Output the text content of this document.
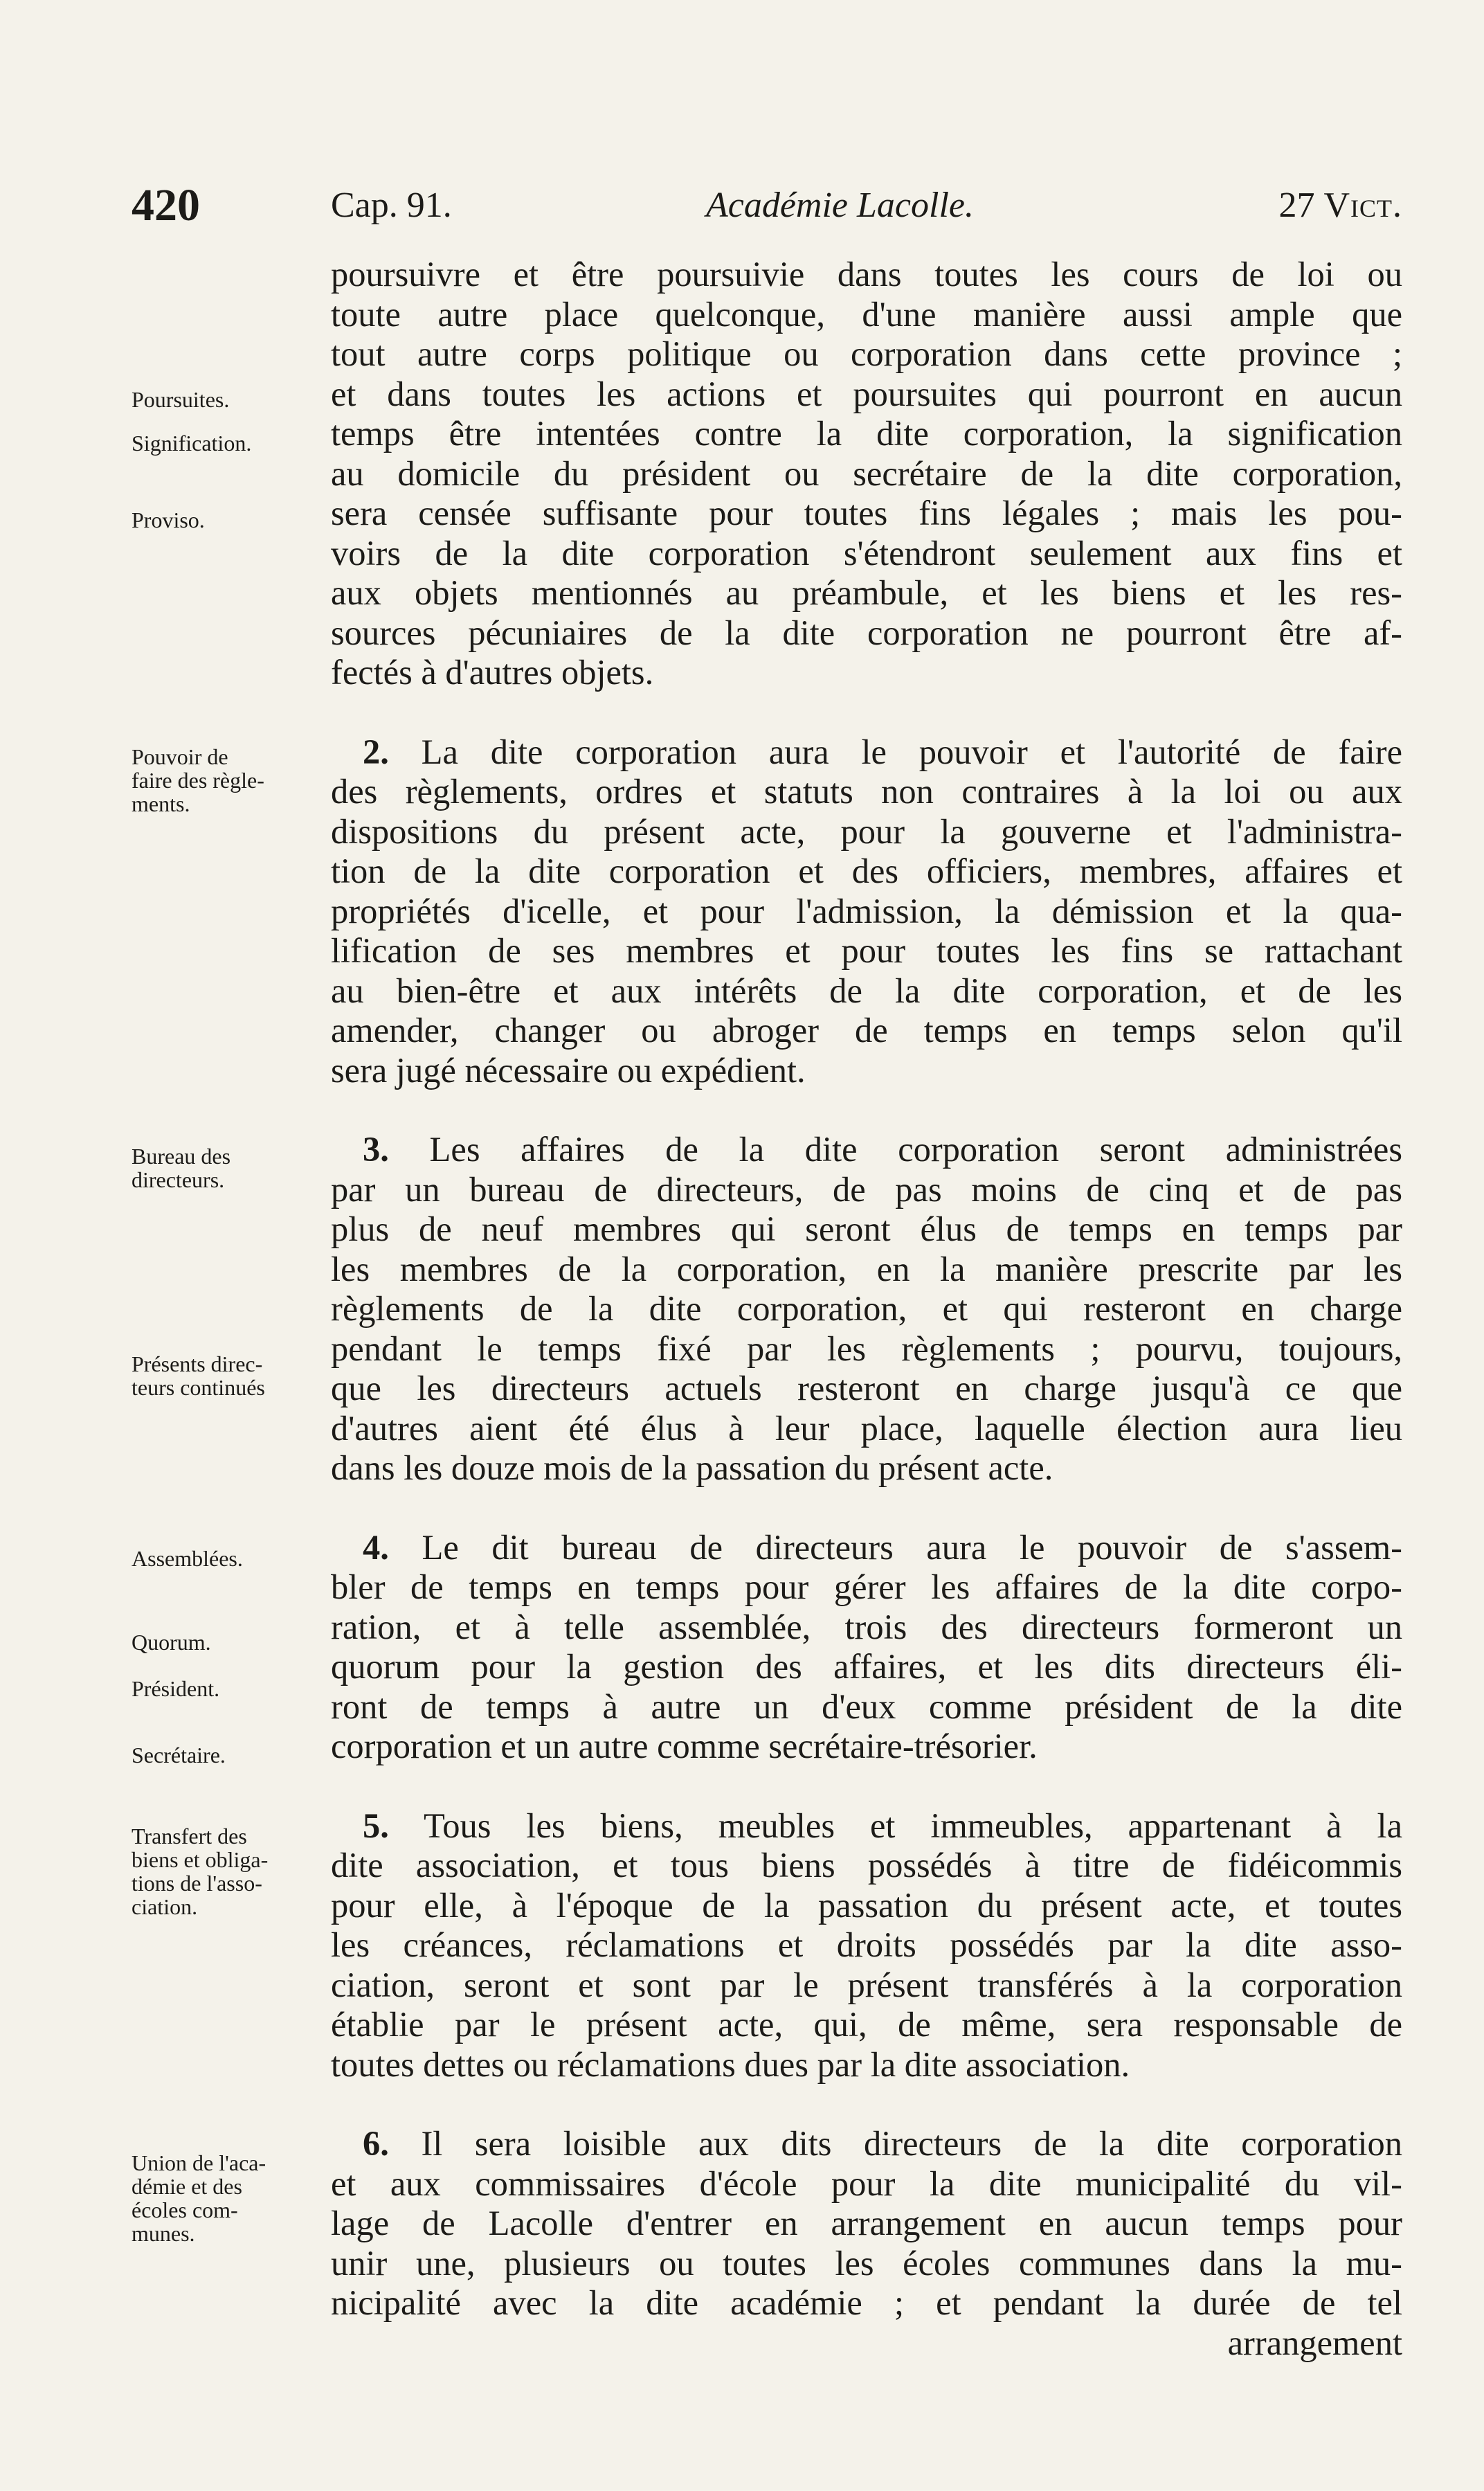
420	Cap. 91.	Académie Lacolle.	27 Vict.
Poursuites.
Signification.
Proviso.
Pouvoir de
faire des règle-
ments.
Bureau des
directeurs.
Présents direc-
teurs continués
Assemblées.
Quorum.
Président.
Secrétaire.
Transfert des
biens et obliga-
tions de l'asso-
ciation.
Union de l'aca-
démie et des
écoles com-
munes.
poursuivre et être poursuivie dans toutes les cours de loi ou
toute autre place quelconque, d'une manière aussi ample que
tout autre corps politique ou corporation dans cette province ;
et dans toutes les actions et poursuites qui pourront en aucun
temps être intentées contre la dite corporation, la signification
au domicile du président ou secrétaire de la dite corporation,
sera censée suffisante pour toutes fins légales ; mais les pou-
voirs de la dite corporation s'étendront seulement aux fins et
aux objets mentionnés au préambule, et les biens et les res-
sources pécuniaires de la dite corporation ne pourront être af-
fectés à d'autres objets.
2. La dite corporation aura le pouvoir et l'autorité de faire
des règlements, ordres et statuts non contraires à la loi ou aux
dispositions du présent acte, pour la gouverne et l'administra-
tion de la dite corporation et des officiers, membres, affaires et
propriétés d'icelle, et pour l'admission, la démission et la qua-
lification de ses membres et pour toutes les fins se rattachant
au bien-être et aux intérêts de la dite corporation, et de les
amender, changer ou abroger de temps en temps selon qu'il
sera jugé nécessaire ou expédient.
3. Les affaires de la dite corporation seront administrées
par un bureau de directeurs, de pas moins de cinq et de pas
plus de neuf membres qui seront élus de temps en temps par
les membres de la corporation, en la manière prescrite par les
règlements de la dite corporation, et qui resteront en charge
pendant le temps fixé par les règlements ; pourvu, toujours,
que les directeurs actuels resteront en charge jusqu'à ce que
d'autres aient été élus à leur place, laquelle élection aura lieu
dans les douze mois de la passation du présent acte.
4. Le dit bureau de directeurs aura le pouvoir de s'assem-
bler de temps en temps pour gérer les affaires de la dite corpo-
ration, et à telle assemblée, trois des directeurs formeront un
quorum pour la gestion des affaires, et les dits directeurs éli-
ront de temps à autre un d'eux comme président de la dite
corporation et un autre comme secrétaire-trésorier.
5. Tous les biens, meubles et immeubles, appartenant à la
dite association, et tous biens possédés à titre de fidéicommis
pour elle, à l'époque de la passation du présent acte, et toutes
les créances, réclamations et droits possédés par la dite asso-
ciation, seront et sont par le présent transférés à la corporation
établie par le présent acte, qui, de même, sera responsable de
toutes dettes ou réclamations dues par la dite association.
6. Il sera loisible aux dits directeurs de la dite corporation
et aux commissaires d'école pour la dite municipalité du vil-
lage de Lacolle d'entrer en arrangement en aucun temps pour
unir une, plusieurs ou toutes les écoles communes dans la mu-
nicipalité avec la dite académie ; et pendant la durée de tel
arrangement
